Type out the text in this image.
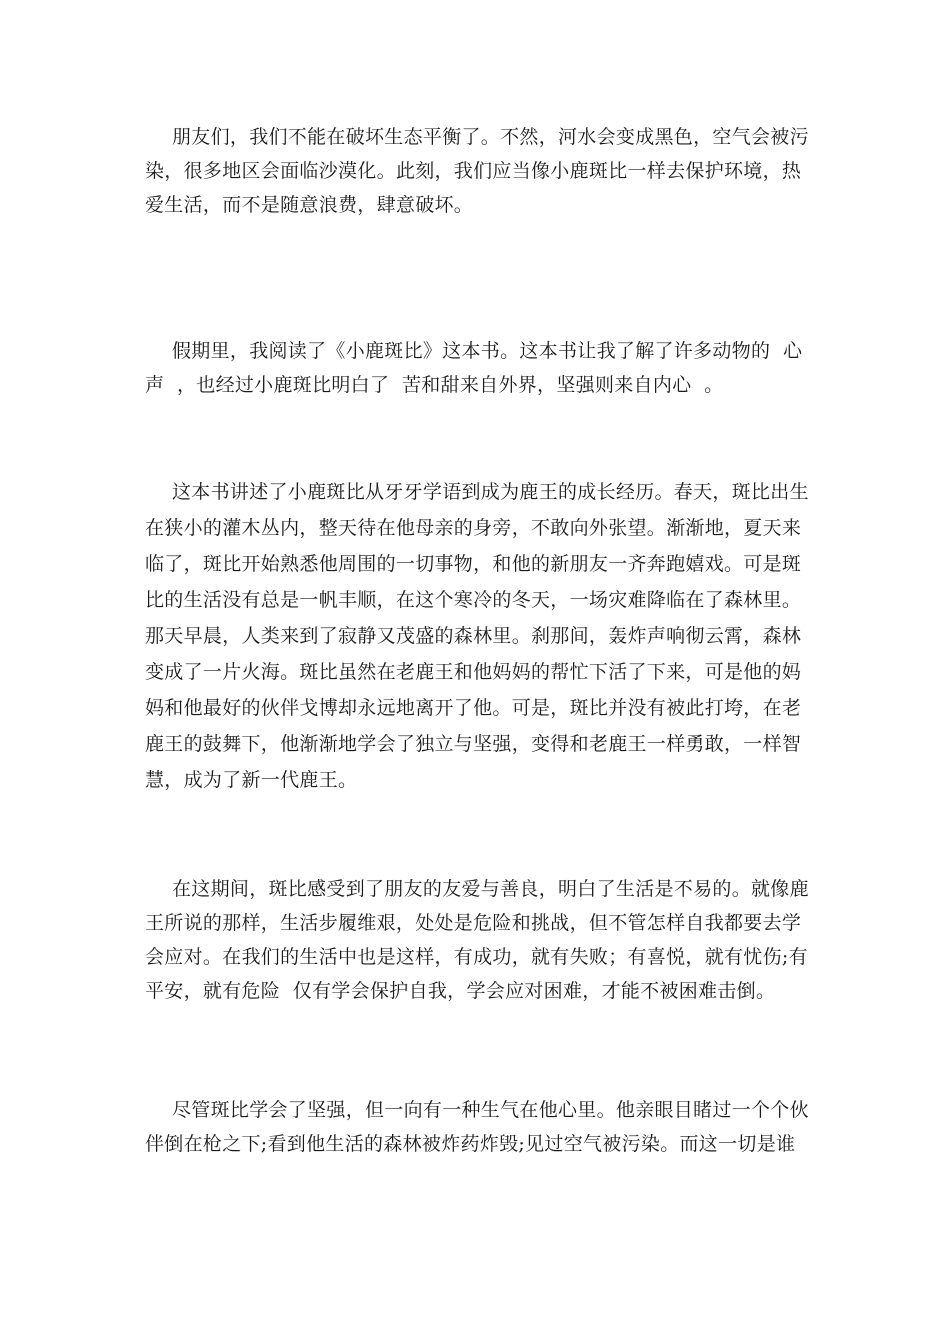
朋友们，我们不能在破坏生态平衡了。不然，河水会变成黑色，空气会被污
染，很多地区会面临沙漠化。此刻，我们应当像小鹿斑比一样去保护环境，热
爱生活，而不是随意浪费，肆意破坏。
假期里，我阅读了《小鹿斑比》这本书。这本书让我了解了许多动物的  心
声  ，也经过小鹿斑比明白了  苦和甜来自外界，坚强则来自内心  。
这本书讲述了小鹿斑比从牙牙学语到成为鹿王的成长经历。春天，斑比出生
在狭小的灌木丛内，整天待在他母亲的身旁，不敢向外张望。渐渐地，夏天来
临了，斑比开始熟悉他周围的一切事物，和他的新朋友一齐奔跑嬉戏。可是斑
比的生活没有总是一帆丰顺，在这个寒冷的冬天，一场灾难降临在了森林里。
那天早晨，人类来到了寂静又茂盛的森林里。刹那间，轰炸声响彻云霄，森林
变成了一片火海。斑比虽然在老鹿王和他妈妈的帮忙下活了下来，可是他的妈
妈和他最好的伙伴戈博却永远地离开了他。可是，斑比并没有被此打垮，在老
鹿王的鼓舞下，他渐渐地学会了独立与坚强，变得和老鹿王一样勇敢，一样智
慧，成为了新一代鹿王。
在这期间，斑比感受到了朋友的友爱与善良，明白了生活是不易的。就像鹿
王所说的那样，生活步履维艰，处处是危险和挑战，但不管怎样自我都要去学
会应对。在我们的生活中也是这样，有成功，就有失败；有喜悦，就有忧伤;有
平安，就有危险  仅有学会保护自我，学会应对困难，才能不被困难击倒。
尽管斑比学会了坚强，但一向有一种生气在他心里。他亲眼目睹过一个个伙
伴倒在枪之下;看到他生活的森林被炸药炸毁;见过空气被污染。而这一切是谁
